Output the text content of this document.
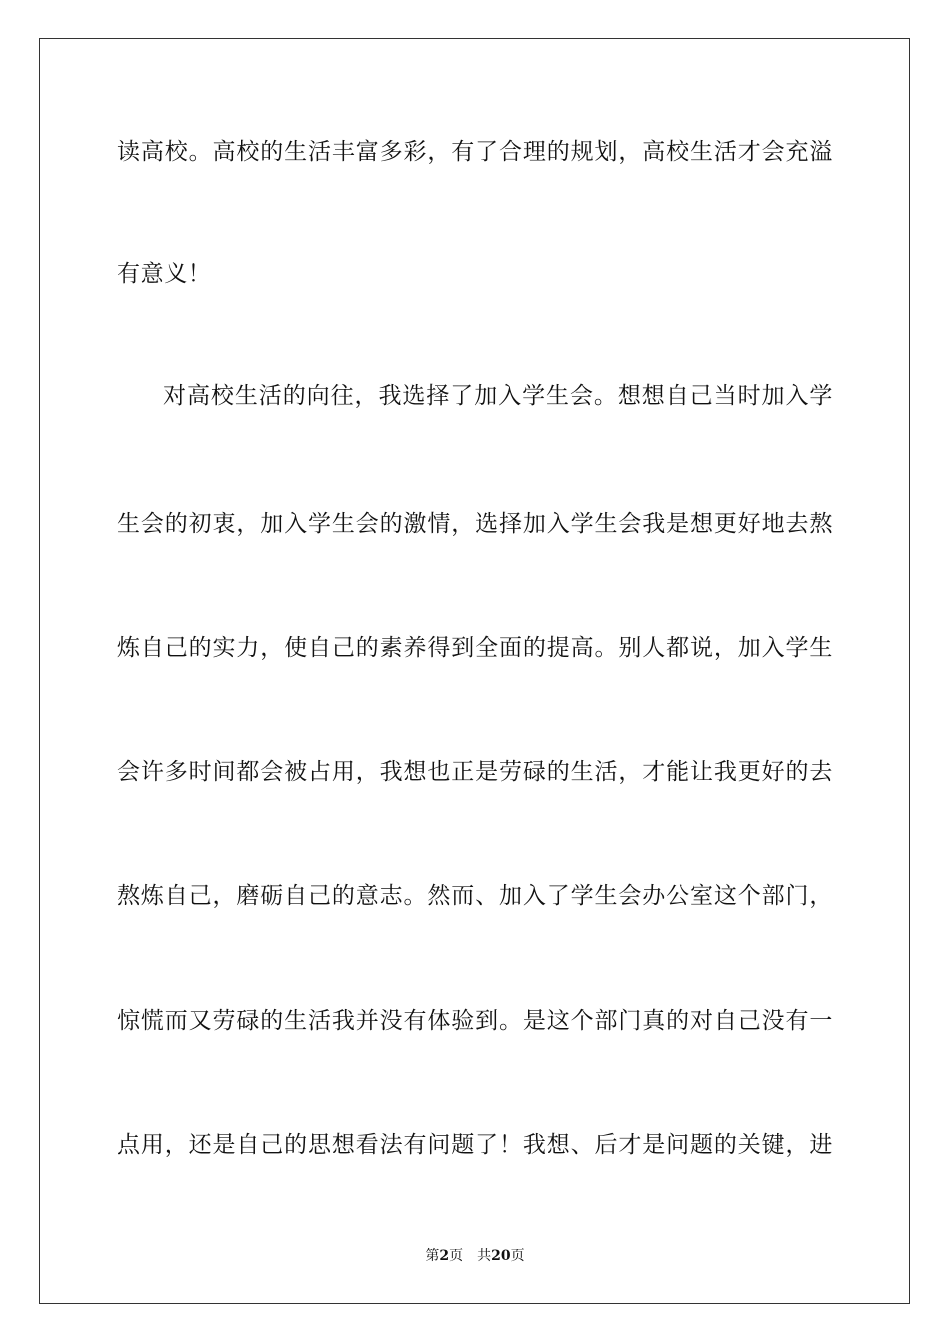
读高校。高校的生活丰富多彩，有了合理的规划，高校生活才会充溢
有意义！
对高校生活的向往，我选择了加入学生会。想想自己当时加入学
生会的初衷，加入学生会的激情，选择加入学生会我是想更好地去熬
炼自己的实力，使自己的素养得到全面的提高。别人都说，加入学生
会许多时间都会被占用，我想也正是劳碌的生活，才能让我更好的去
熬炼自己，磨砺自己的意志。然而、加入了学生会办公室这个部门，
惊慌而又劳碌的生活我并没有体验到。是这个部门真的对自己没有一
点用，还是自己的思想看法有问题了！我想、后才是问题的关键，进
第2页 共20页
